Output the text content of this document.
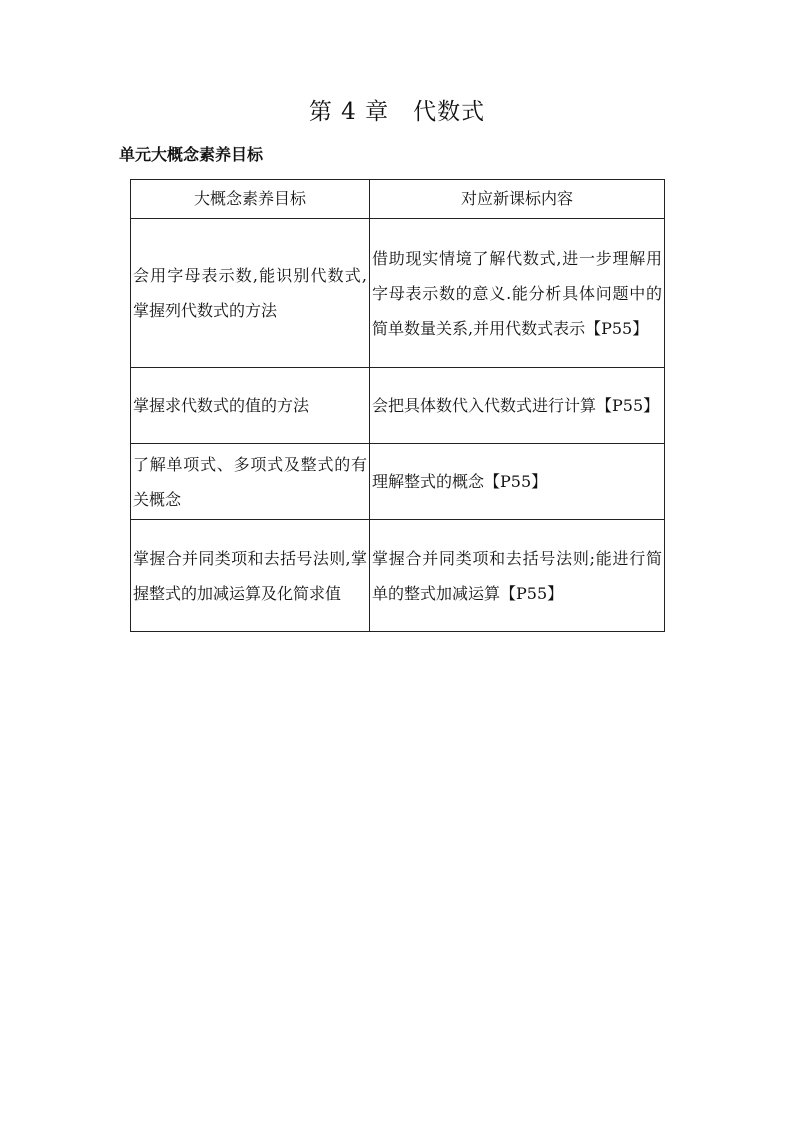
第 4 章　代数式
单元大概念素养目标
大概念素养目标	对应新课标内容
会用字母表示数,能识别代数式,掌握列代数式的方法	借助现实情境了解代数式,进一步理解用字母表示数的意义.能分析具体问题中的简单数量关系,并用代数式表示【P55】
掌握求代数式的值的方法	会把具体数代入代数式进行计算【P55】
了解单项式、多项式及整式的有关概念	理解整式的概念【P55】
掌握合并同类项和去括号法则,掌握整式的加减运算及化简求值	掌握合并同类项和去括号法则;能进行简单的整式加减运算【P55】
